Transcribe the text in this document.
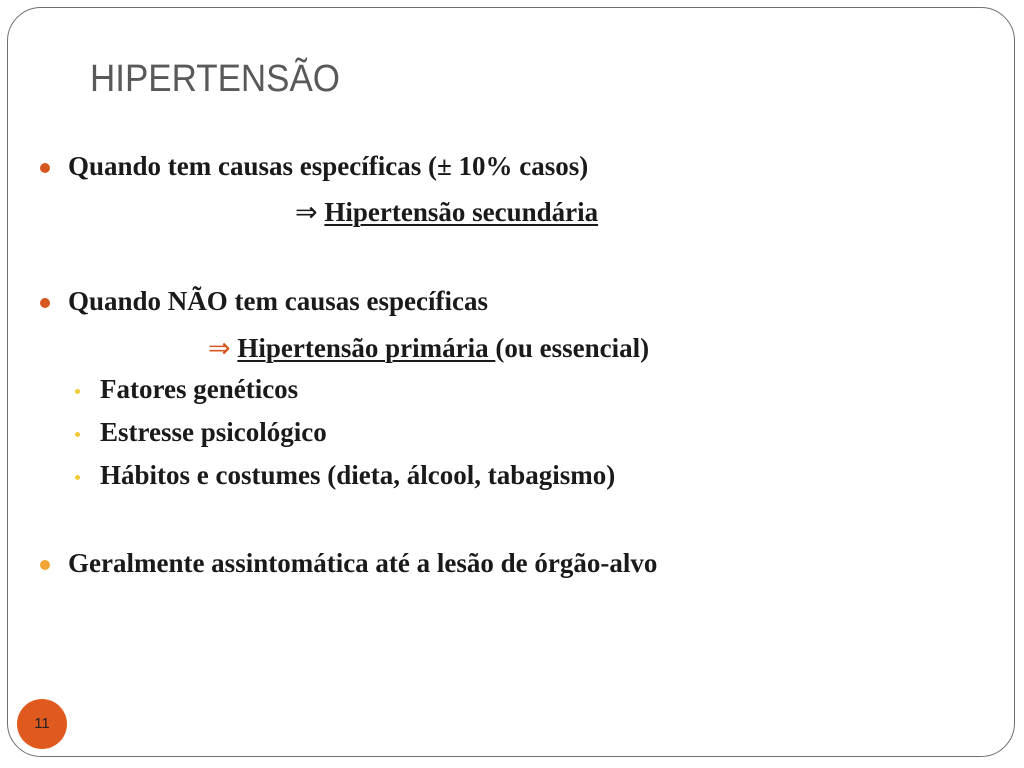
HIPERTENSÃO
Quando tem causas específicas (± 10% casos)
⇒ Hipertensão secundária
Quando NÃO tem causas específicas
⇒ Hipertensão primária (ou essencial)
Fatores genéticos
Estresse psicológico
Hábitos e costumes (dieta, álcool, tabagismo)
Geralmente assintomática até a lesão de órgão-alvo
11
